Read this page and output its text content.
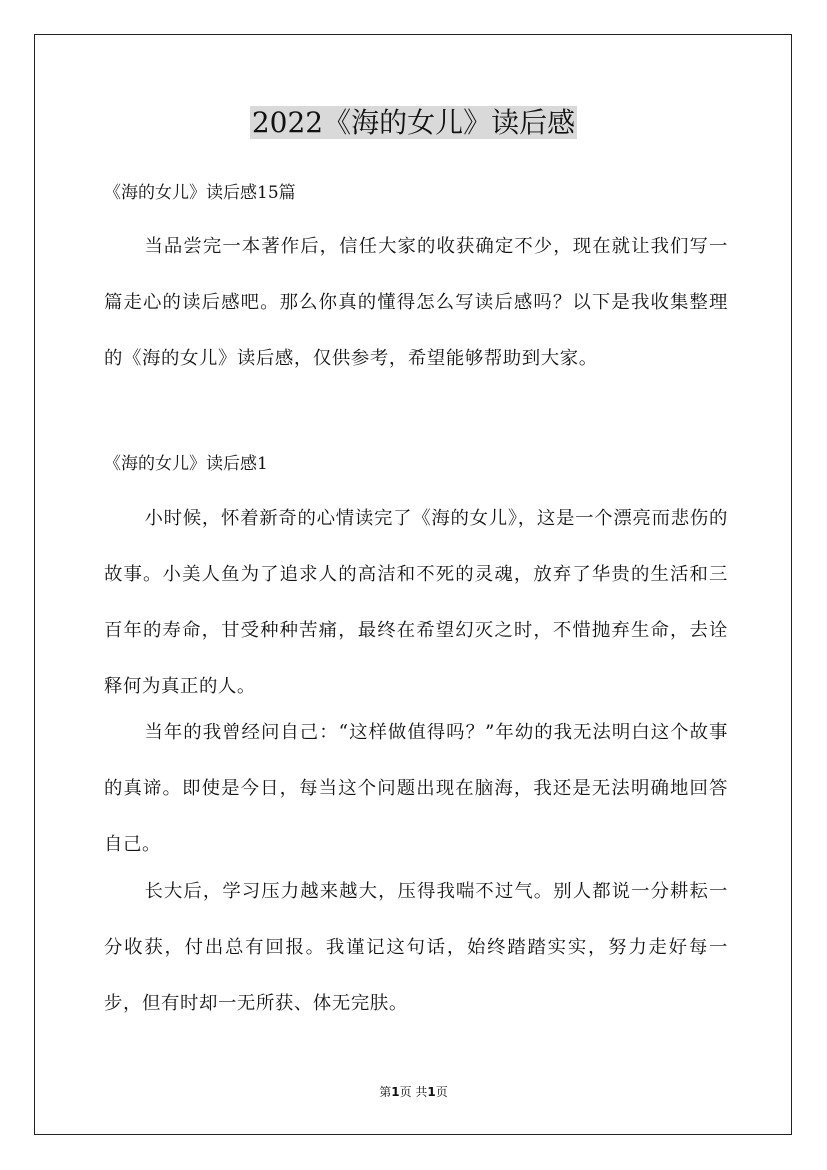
2022《海的女儿》读后感
《海的女儿》读后感15篇

当品尝完一本著作后，信任大家的收获确定不少，现在就让我们写一篇走心的读后感吧。那么你真的懂得怎么写读后感吗？以下是我收集整理的《海的女儿》读后感，仅供参考，希望能够帮助到大家。

《海的女儿》读后感1

小时候，怀着新奇的心情读完了《海的女儿》，这是一个漂亮而悲伤的故事。小美人鱼为了追求人的高洁和不死的灵魂，放弃了华贵的生活和三百年的寿命，甘受种种苦痛，最终在希望幻灭之时，不惜抛弃生命，去诠释何为真正的人。

当年的我曾经问自己：“这样做值得吗？”年幼的我无法明白这个故事的真谛。即使是今日，每当这个问题出现在脑海，我还是无法明确地回答自己。

长大后，学习压力越来越大，压得我喘不过气。别人都说一分耕耘一分收获，付出总有回报。我谨记这句话，始终踏踏实实，努力走好每一步，但有时却一无所获、体无完肤。

第1页 共1页
